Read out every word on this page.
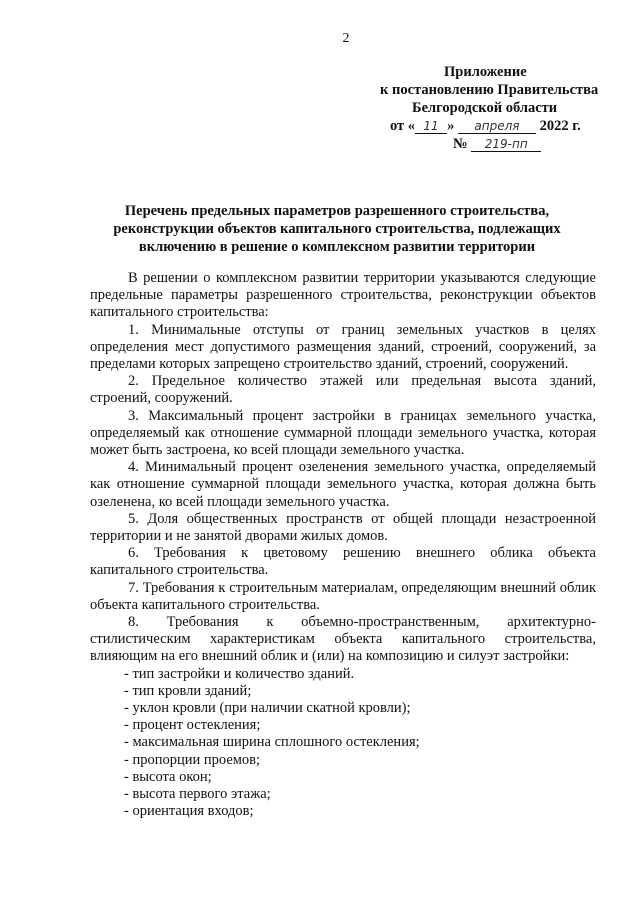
2
Приложение
к постановлению Правительства
Белгородской области
от « 11 » апреля 2022 г.
№ 219-пп
Перечень предельных параметров разрешенного строительства, реконструкции объектов капитального строительства, подлежащих включению в решение о комплексном развитии территории

В решении о комплексном развитии территории указываются следующие предельные параметры разрешенного строительства, реконструкции объектов капитального строительства:

1. Минимальные отступы от границ земельных участков в целях определения мест допустимого размещения зданий, строений, сооружений, за пределами которых запрещено строительство зданий, строений, сооружений.

2. Предельное количество этажей или предельная высота зданий, строений, сооружений.

3. Максимальный процент застройки в границах земельного участка, определяемый как отношение суммарной площади земельного участка, которая может быть застроена, ко всей площади земельного участка.

4. Минимальный процент озеленения земельного участка, определяемый как отношение суммарной площади земельного участка, которая должна быть озеленена, ко всей площади земельного участка.

5. Доля общественных пространств от общей площади незастроенной территории и не занятой дворами жилых домов.

6. Требования к цветовому решению внешнего облика объекта капитального строительства.

7. Требования к строительным материалам, определяющим внешний облик объекта капитального строительства.

8. Требования к объемно-пространственным, архитектурно-стилистическим характеристикам объекта капитального строительства, влияющим на его внешний облик и (или) на композицию и силуэт застройки:

- тип застройки и количество зданий.
- тип кровли зданий;
- уклон кровли (при наличии скатной кровли);
- процент остекления;
- максимальная ширина сплошного остекления;
- пропорции проемов;
- высота окон;
- высота первого этажа;
- ориентация входов;
